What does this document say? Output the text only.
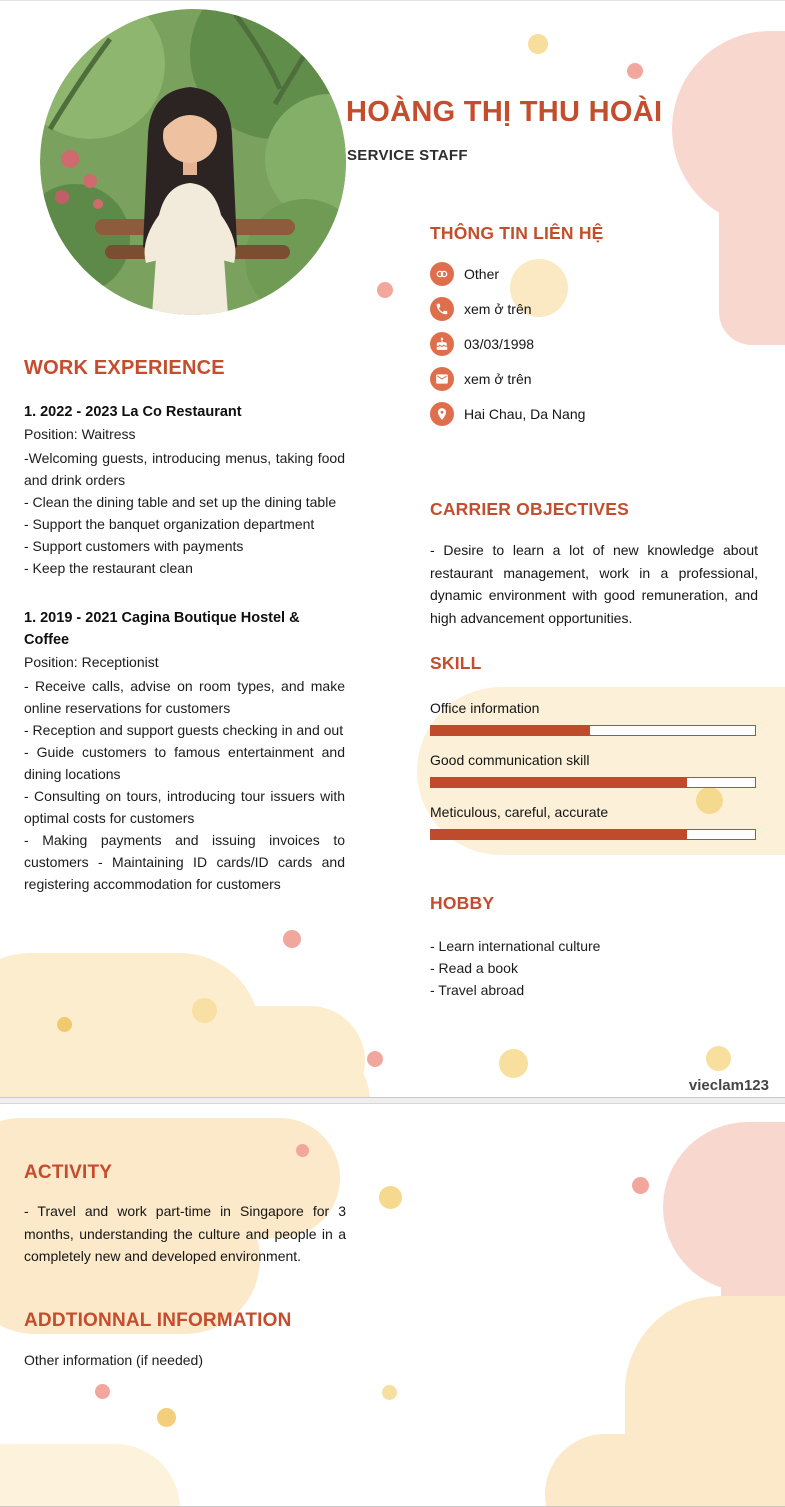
HOÀNG THỊ THU HOÀI
SERVICE STAFF
THÔNG TIN LIÊN HỆ
Other
xem ở trên
03/03/1998
xem ở trên
Hai Chau, Da Nang
WORK EXPERIENCE
1. 2022 - 2023 La Co Restaurant
Position: Waitress
-Welcoming guests, introducing menus, taking food and drink orders
- Clean the dining table and set up the dining table
- Support the banquet organization department
- Support customers with payments
- Keep the restaurant clean
1. 2019 - 2021 Cagina Boutique Hostel & Coffee
Position: Receptionist
- Receive calls, advise on room types, and make online reservations for customers
- Reception and support guests checking in and out
- Guide customers to famous entertainment and dining locations
- Consulting on tours, introducing tour issuers with optimal costs for customers
- Making payments and issuing invoices to customers - Maintaining ID cards/ID cards and registering accommodation for customers
CARRIER OBJECTIVES

- Desire to learn a lot of new knowledge about restaurant management, work in a professional, dynamic environment with good remuneration, and high advancement opportunities.

SKILL
Office information
Good communication skill
Meticulous, careful, accurate
HOBBY
- Learn international culture
- Read a book
- Travel abroad
vieclam123
ACTIVITY

- Travel and work part-time in Singapore for 3 months, understanding the culture and people in a completely new and developed environment.

ADDTIONNAL INFORMATION

Other information (if needed)
